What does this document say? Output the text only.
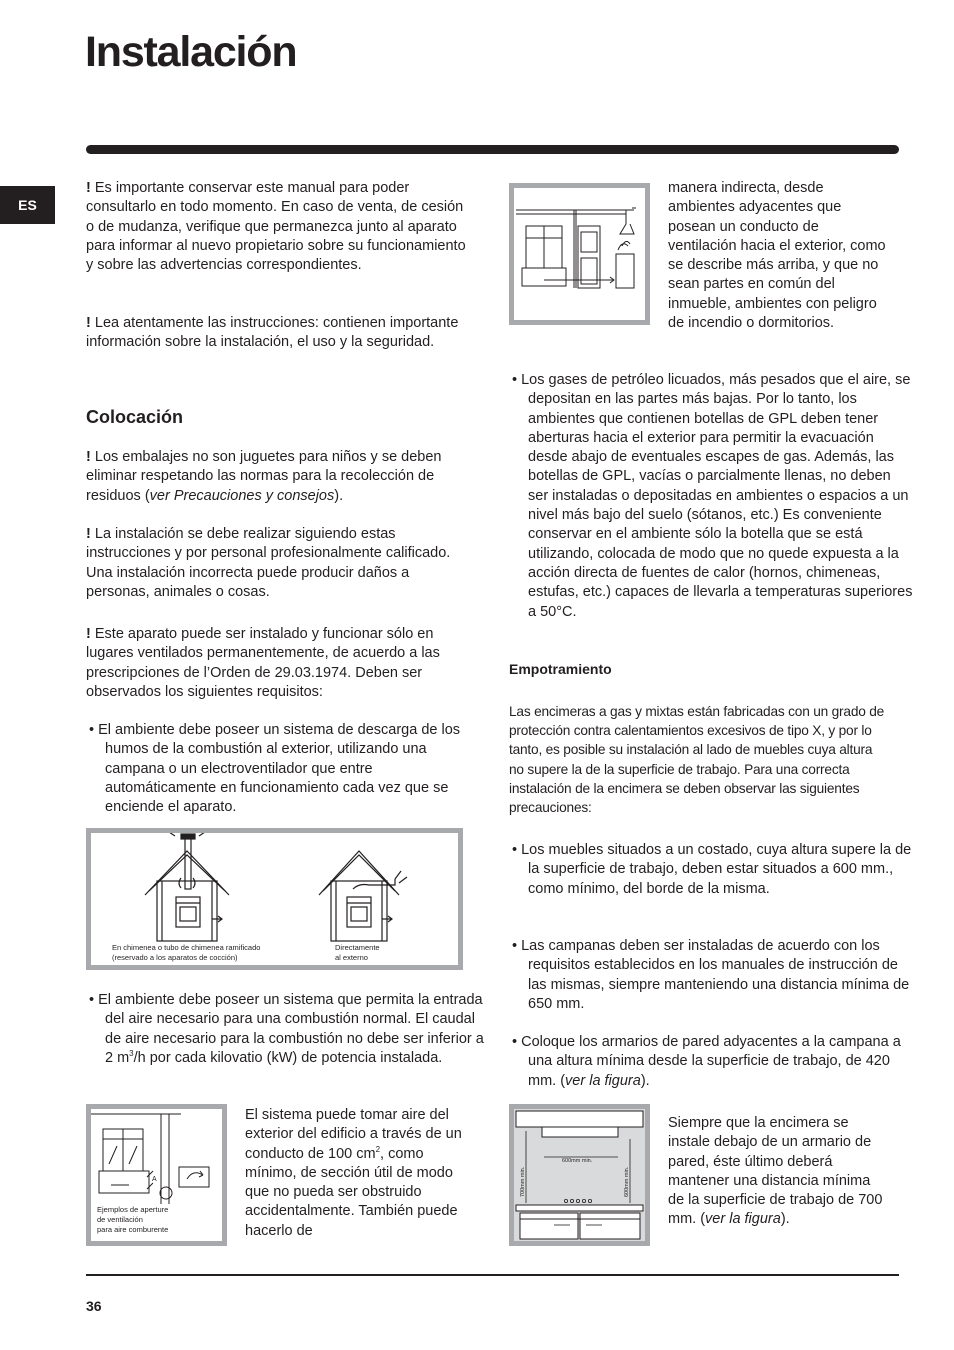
Instalación
ES

! Es importante conservar este manual para poder consultarlo en todo momento. En caso de venta, de cesión o de mudanza, verifique que permanezca junto al aparato para informar al nuevo propietario sobre su funcionamiento y sobre las advertencias correspondientes.

! Lea atentamente las instrucciones: contienen importante información sobre la instalación, el uso y la seguridad.

Colocación

! Los embalajes no son juguetes para niños y se deben eliminar respetando las normas para la recolección de residuos (ver Precauciones y consejos).

! La instalación se debe realizar siguiendo estas instrucciones y por personal profesionalmente calificado. Una instalación incorrecta puede producir daños a personas, animales o cosas.

! Este aparato puede ser instalado y funcionar sólo en lugares ventilados permanentemente, de acuerdo a las prescripciones de l’Orden de 29.03.1974. Deben ser observados los siguientes requisitos:

• El ambiente debe poseer un sistema de descarga de los humos de la combustión al exterior, utilizando una campana o un electroventilador que entre automáticamente en funcionamiento cada vez que se enciende el aparato.
En chimenea o tubo de chimenea ramificado
(reservado a los aparatos de cocción)
Directamente
al externo
• El ambiente debe poseer un sistema que permita la entrada del aire necesario para una combustión normal. El caudal de aire necesario para la combustión no debe ser inferior a 2 $m^3/h$ por cada kilovatio (kW) de potencia instalada.
A
Ejemplos de aperture
de ventilación
para aire comburente
El sistema puede tomar aire del exterior del edificio a través de un conducto de 100 $cm^2$, como mínimo, de sección útil de modo que no pueda ser obstruido accidentalmente. También puede hacerlo de
manera indirecta, desde ambientes adyacentes que posean un conducto de ventilación hacia el exterior, como se describe más arriba, y que no sean partes en común del inmueble, ambientes con peligro de incendio o dormitorios.
• Los gases de petróleo licuados, más pesados que el aire, se depositan en las partes más bajas. Por lo tanto, los ambientes que contienen botellas de GPL deben tener aberturas hacia el exterior para permitir la evacuación desde abajo de eventuales escapes de gas. Además, las botellas de GPL, vacías o parcialmente llenas, no deben ser instaladas o depositadas en ambientes o espacios a un nivel más bajo del suelo (sótanos, etc.) Es conveniente conservar en el ambiente sólo la botella que se está utilizando, colocada de modo que no quede expuesta a la acción directa de fuentes de calor (hornos, chimeneas, estufas, etc.) capaces de llevarla a temperaturas superiores a 50°C.
Empotramiento
Las encimeras a gas y mixtas están fabricadas con un grado de protección contra calentamientos excesivos de tipo X, y por lo tanto, es posible su instalación al lado de muebles cuya altura no supere la de la superficie de trabajo. Para una correcta instalación de la encimera se deben observar las siguientes precauciones:
• Los muebles situados a un costado, cuya altura supere la de la superficie de trabajo, deben estar situados a 600 mm., como mínimo, del borde de la misma.
• Las campanas deben ser instaladas de acuerdo con los requisitos establecidos en los manuales de instrucción de las mismas, siempre manteniendo una distancia mínima de 650 mm.
• Coloque los armarios de pared adyacentes a la campana a una altura mínima desde la superficie de trabajo, de 420 mm. (ver la figura).
600mm min.
700mm min.	600mm min.
Siempre que la encimera se instale debajo de un armario de pared, éste último deberá mantener una distancia mínima de la superficie de trabajo de 700 mm. (ver la figura).
36
